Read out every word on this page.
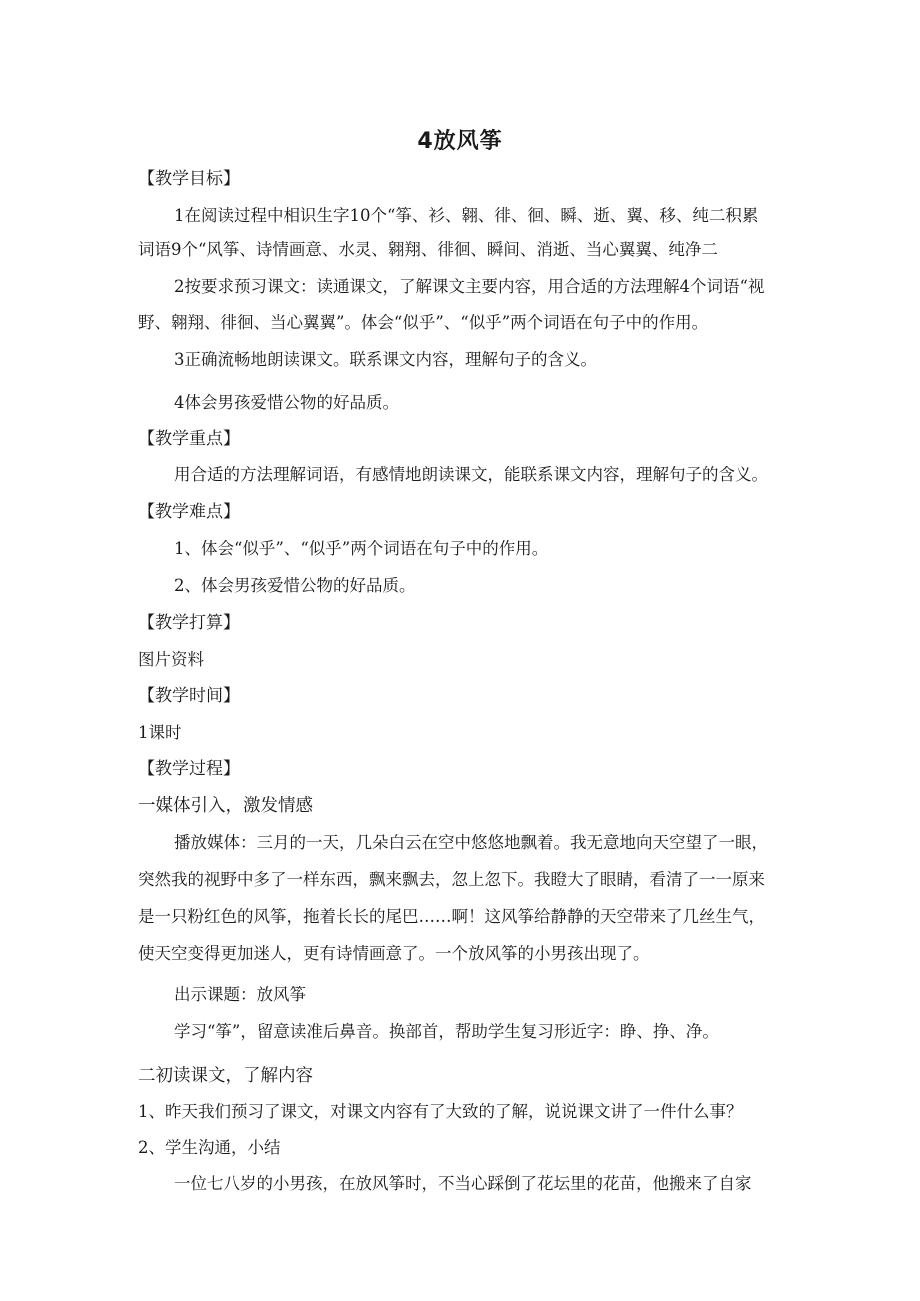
4放风筝
【教学目标】
1在阅读过程中相识生字10个“筝、衫、翱、徘、徊、瞬、逝、翼、移、纯二积累
词语9个“风筝、诗情画意、水灵、翱翔、徘徊、瞬间、消逝、当心翼翼、纯净二
2按要求预习课文：读通课文，了解课文主要内容，用合适的方法理解4个词语“视
野、翱翔、徘徊、当心翼翼”。体会“似乎”、“似乎”两个词语在句子中的作用。
3正确流畅地朗读课文。联系课文内容，理解句子的含义。
4体会男孩爱惜公物的好品质。
【教学重点】
用合适的方法理解词语，有感情地朗读课文，能联系课文内容，理解句子的含义。
【教学难点】
1、体会“似乎”、“似乎”两个词语在句子中的作用。
2、体会男孩爱惜公物的好品质。
【教学打算】
图片资料
【教学时间】
1课时
【教学过程】
一媒体引入，激发情感
播放媒体：三月的一天，几朵白云在空中悠悠地飘着。我无意地向天空望了一眼，
突然我的视野中多了一样东西，飘来飘去，忽上忽下。我瞪大了眼睛，看清了一一原来
是一只粉红色的风筝，拖着长长的尾巴……啊！这风筝给静静的天空带来了几丝生气，
使天空变得更加迷人，更有诗情画意了。一个放风筝的小男孩出现了。
出示课题：放风筝
学习“筝”，留意读准后鼻音。换部首，帮助学生复习形近字：睁、挣、净。
二初读课文，了解内容
1、昨天我们预习了课文，对课文内容有了大致的了解，说说课文讲了一件什么事？
2、学生沟通，小结
一位七八岁的小男孩，在放风筝时，不当心踩倒了花坛里的花苗，他搬来了自家
